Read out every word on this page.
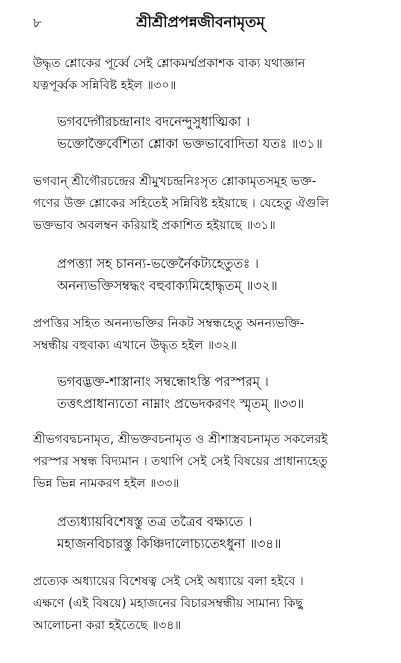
৮	শ্রীশ্রীপ্রপন্নজীবনামৃতম্
উদ্ধৃত শ্লোকের পূর্ব্বে সেই শ্লোকমর্ম্মপ্রকাশক বাক্য যথাজ্ঞান
যত্নপূর্ব্বক সন্নিবিষ্ট হইল ॥৩০॥
ভগবদ্গৌরচন্দ্রানাং বদনেন্দুসুধাত্মিকা ।
ভক্তোক্তৈর্বেশিতা শ্লোকা ভক্তভাবোদিতা যতঃ ॥৩১॥
ভগবান্ শ্রীগৌরচন্দ্রের শ্রীমুখচন্দ্রনিঃসৃত শ্লোকামৃতসমূহ ভক্ত-
গণের উক্ত শ্লোকের সহিতেই সন্নিবিষ্ট হইয়াছে । যেহেতু ঐগুলি
ভক্তভাব অবলম্বন করিয়াই প্রকাশিত হইয়াছে ॥৩১॥
প্রপত্ত্যা সহ চানন্য-ভক্তের্নৈকট্যহেতুতঃ ।
অনন্যভক্তিসম্বদ্ধং বহুবাক্যমিহোদ্ধৃতম্ ॥৩২॥
প্রপত্তির সহিত অনন্যভক্তির নিকট সম্বন্ধহেতু অনন্যভক্তি-
সম্বন্ধীয় বহুবাক্য এখানে উদ্ধৃত হইল ॥৩২॥
ভগবদ্ভক্ত-শাস্ত্রানাং সম্বন্ধোঽস্তি পরস্পরম্ ।
তত্তৎপ্রাধান্যতো নাম্নাং প্রভেদকরণং স্মৃতম্ ॥৩৩॥
শ্রীভগবদ্বচনামৃত, শ্রীভক্তবচনামৃত ও শ্রীশাস্ত্রবচনামৃত সকলেরই
পরস্পর সম্বন্ধ বিদ্যমান । তথাপি সেই সেই বিষয়ের প্রাধান্যহেতু
ভিন্ন ভিন্ন নামকরণ হইল ॥৩৩॥
প্রত্যধ্যায়বিশেষস্তু তত্র তত্রৈব বক্ষ্যতে ।
মহাজনবিচারস্তু কিঞ্চিদালোচ্যতেঽধুনা ॥৩৪॥
প্রত্যেক অধ্যায়ের বিশেষত্ব সেই সেই অধ্যায়ে বলা হইবে ।
এক্ষণে (এই বিষয়ে) মহাজনের বিচারসম্বন্ধীয় সামান্য কিছু
আলোচনা করা হইতেছে ॥৩৪॥
